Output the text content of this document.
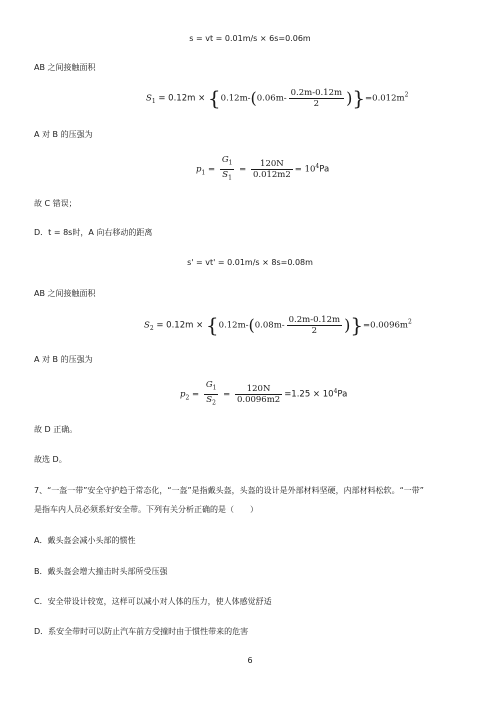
s = vt = 0.01m/s × 6s=0.06m
AB 之间接触面积
$S_1 = 0.12m \times \{0.12m-(0.06m- \frac{0.2m-0.12m}{2} )\}=0.012m^2$
A 对 B 的压强为
$p_1 = \frac{G_1}{S_1} = \frac{120N}{0.012m2} = 10^4Pa$
故 C 错误；
D．t = 8s时，A 向右移动的距离
s' = vt' = 0.01m/s × 8s=0.08m
AB 之间接触面积
$S_2 = 0.12m \times \{0.12m-(0.08m- \frac{0.2m-0.12m}{2} )\}=0.0096m^2$
A 对 B 的压强为
$p_2 = \frac{G_1}{S_2} = \frac{120N}{0.0096m2} =1.25 \times 10^4Pa$
故 D 正确。
故选 D。
7、“一盔一带”安全守护趋于常态化，“一盔”是指戴头盔，头盔的设计是外部材料坚硬，内部材料松软。“一带”
是指车内人员必须系好安全带。下列有关分析正确的是（　　）
A．戴头盔会减小头部的惯性
B．戴头盔会增大撞击时头部所受压强
C．安全带设计较宽，这样可以减小对人体的压力，使人体感觉舒适
D．系安全带时可以防止汽车前方受撞时由于惯性带来的危害
6
